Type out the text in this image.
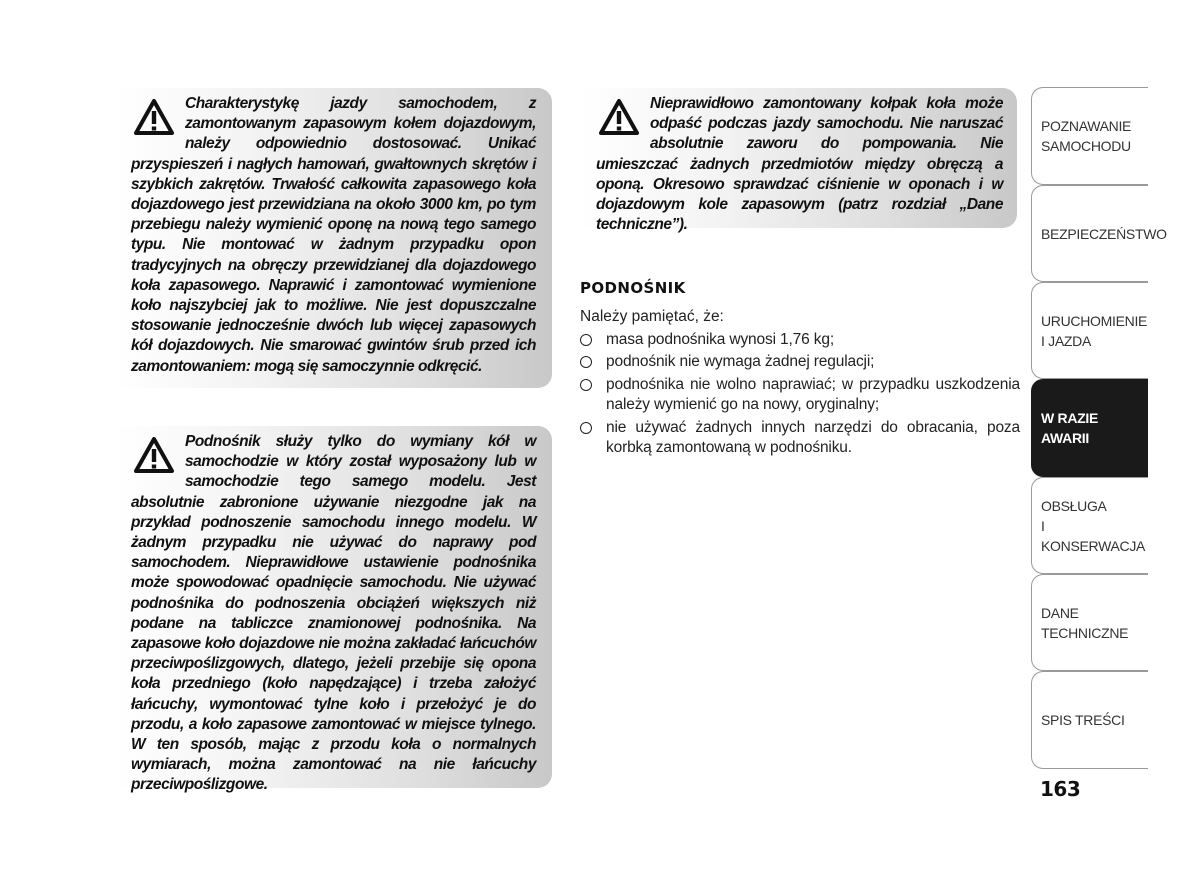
Charakterystykę jazdy samochodem, z zamontowanym zapasowym kołem dojazdowym, należy odpowiednio dostosować. Unikać przyspieszeń i nagłych hamowań, gwałtownych skrętów i szybkich zakrętów. Trwałość całkowita zapasowego koła dojazdowego jest przewidziana na około 3000 km, po tym przebiegu należy wymienić oponę na nową tego samego typu. Nie montować w żadnym przypadku opon tradycyjnych na obręczy przewidzianej dla dojazdowego koła zapasowego. Naprawić i zamontować wymienione koło najszybciej jak to możliwe. Nie jest dopuszczalne stosowanie jednocześnie dwóch lub więcej zapasowych kół dojazdowych. Nie smarować gwintów śrub przed ich zamontowaniem: mogą się samoczynnie odkręcić.

Podnośnik służy tylko do wymiany kół w samochodzie w który został wyposażony lub w samochodzie tego samego modelu. Jest absolutnie zabronione używanie niezgodne jak na przykład podnoszenie samochodu innego modelu. W żadnym przypadku nie używać do naprawy pod samochodem. Nieprawidłowe ustawienie podnośnika może spowodować opadnięcie samochodu. Nie używać podnośnika do podnoszenia obciążeń większych niż podane na tabliczce znamionowej podnośnika. Na zapasowe koło dojazdowe nie można zakładać łańcuchów przeciwpoślizgowych, dlatego, jeżeli przebije się opona koła przedniego (koło napędzające) i trzeba założyć łańcuchy, wymontować tylne koło i przełożyć je do przodu, a koło zapasowe zamontować w miejsce tylnego. W ten sposób, mając z przodu koła o normalnych wymiarach, można zamontować na nie łańcuchy przeciwpoślizgowe.

Nieprawidłowo zamontowany kołpak koła może odpaść podczas jazdy samochodu. Nie naruszać absolutnie zaworu do pompowania. Nie umieszczać żadnych przedmiotów między obręczą a oponą. Okresowo sprawdzać ciśnienie w oponach i w dojazdowym kole zapasowym (patrz rozdział „Dane techniczne”).

PODNOŚNIK

Należy pamiętać, że:

masa podnośnika wynosi 1,76 kg;
podnośnik nie wymaga żadnej regulacji;
podnośnika nie wolno naprawiać; w przypadku uszkodzenia należy wymienić go na nowy, oryginalny;
nie używać żadnych innych narzędzi do obracania, poza korbką zamontowaną w podnośniku.
POZNAWANIE
SAMOCHODU
BEZPIECZEŃSTWO
URUCHOMIENIE
I JAZDA
W RAZIE AWARII
OBSŁUGA
I KONSERWACJA
DANE
TECHNICZNE
SPIS TREŚCI
163
